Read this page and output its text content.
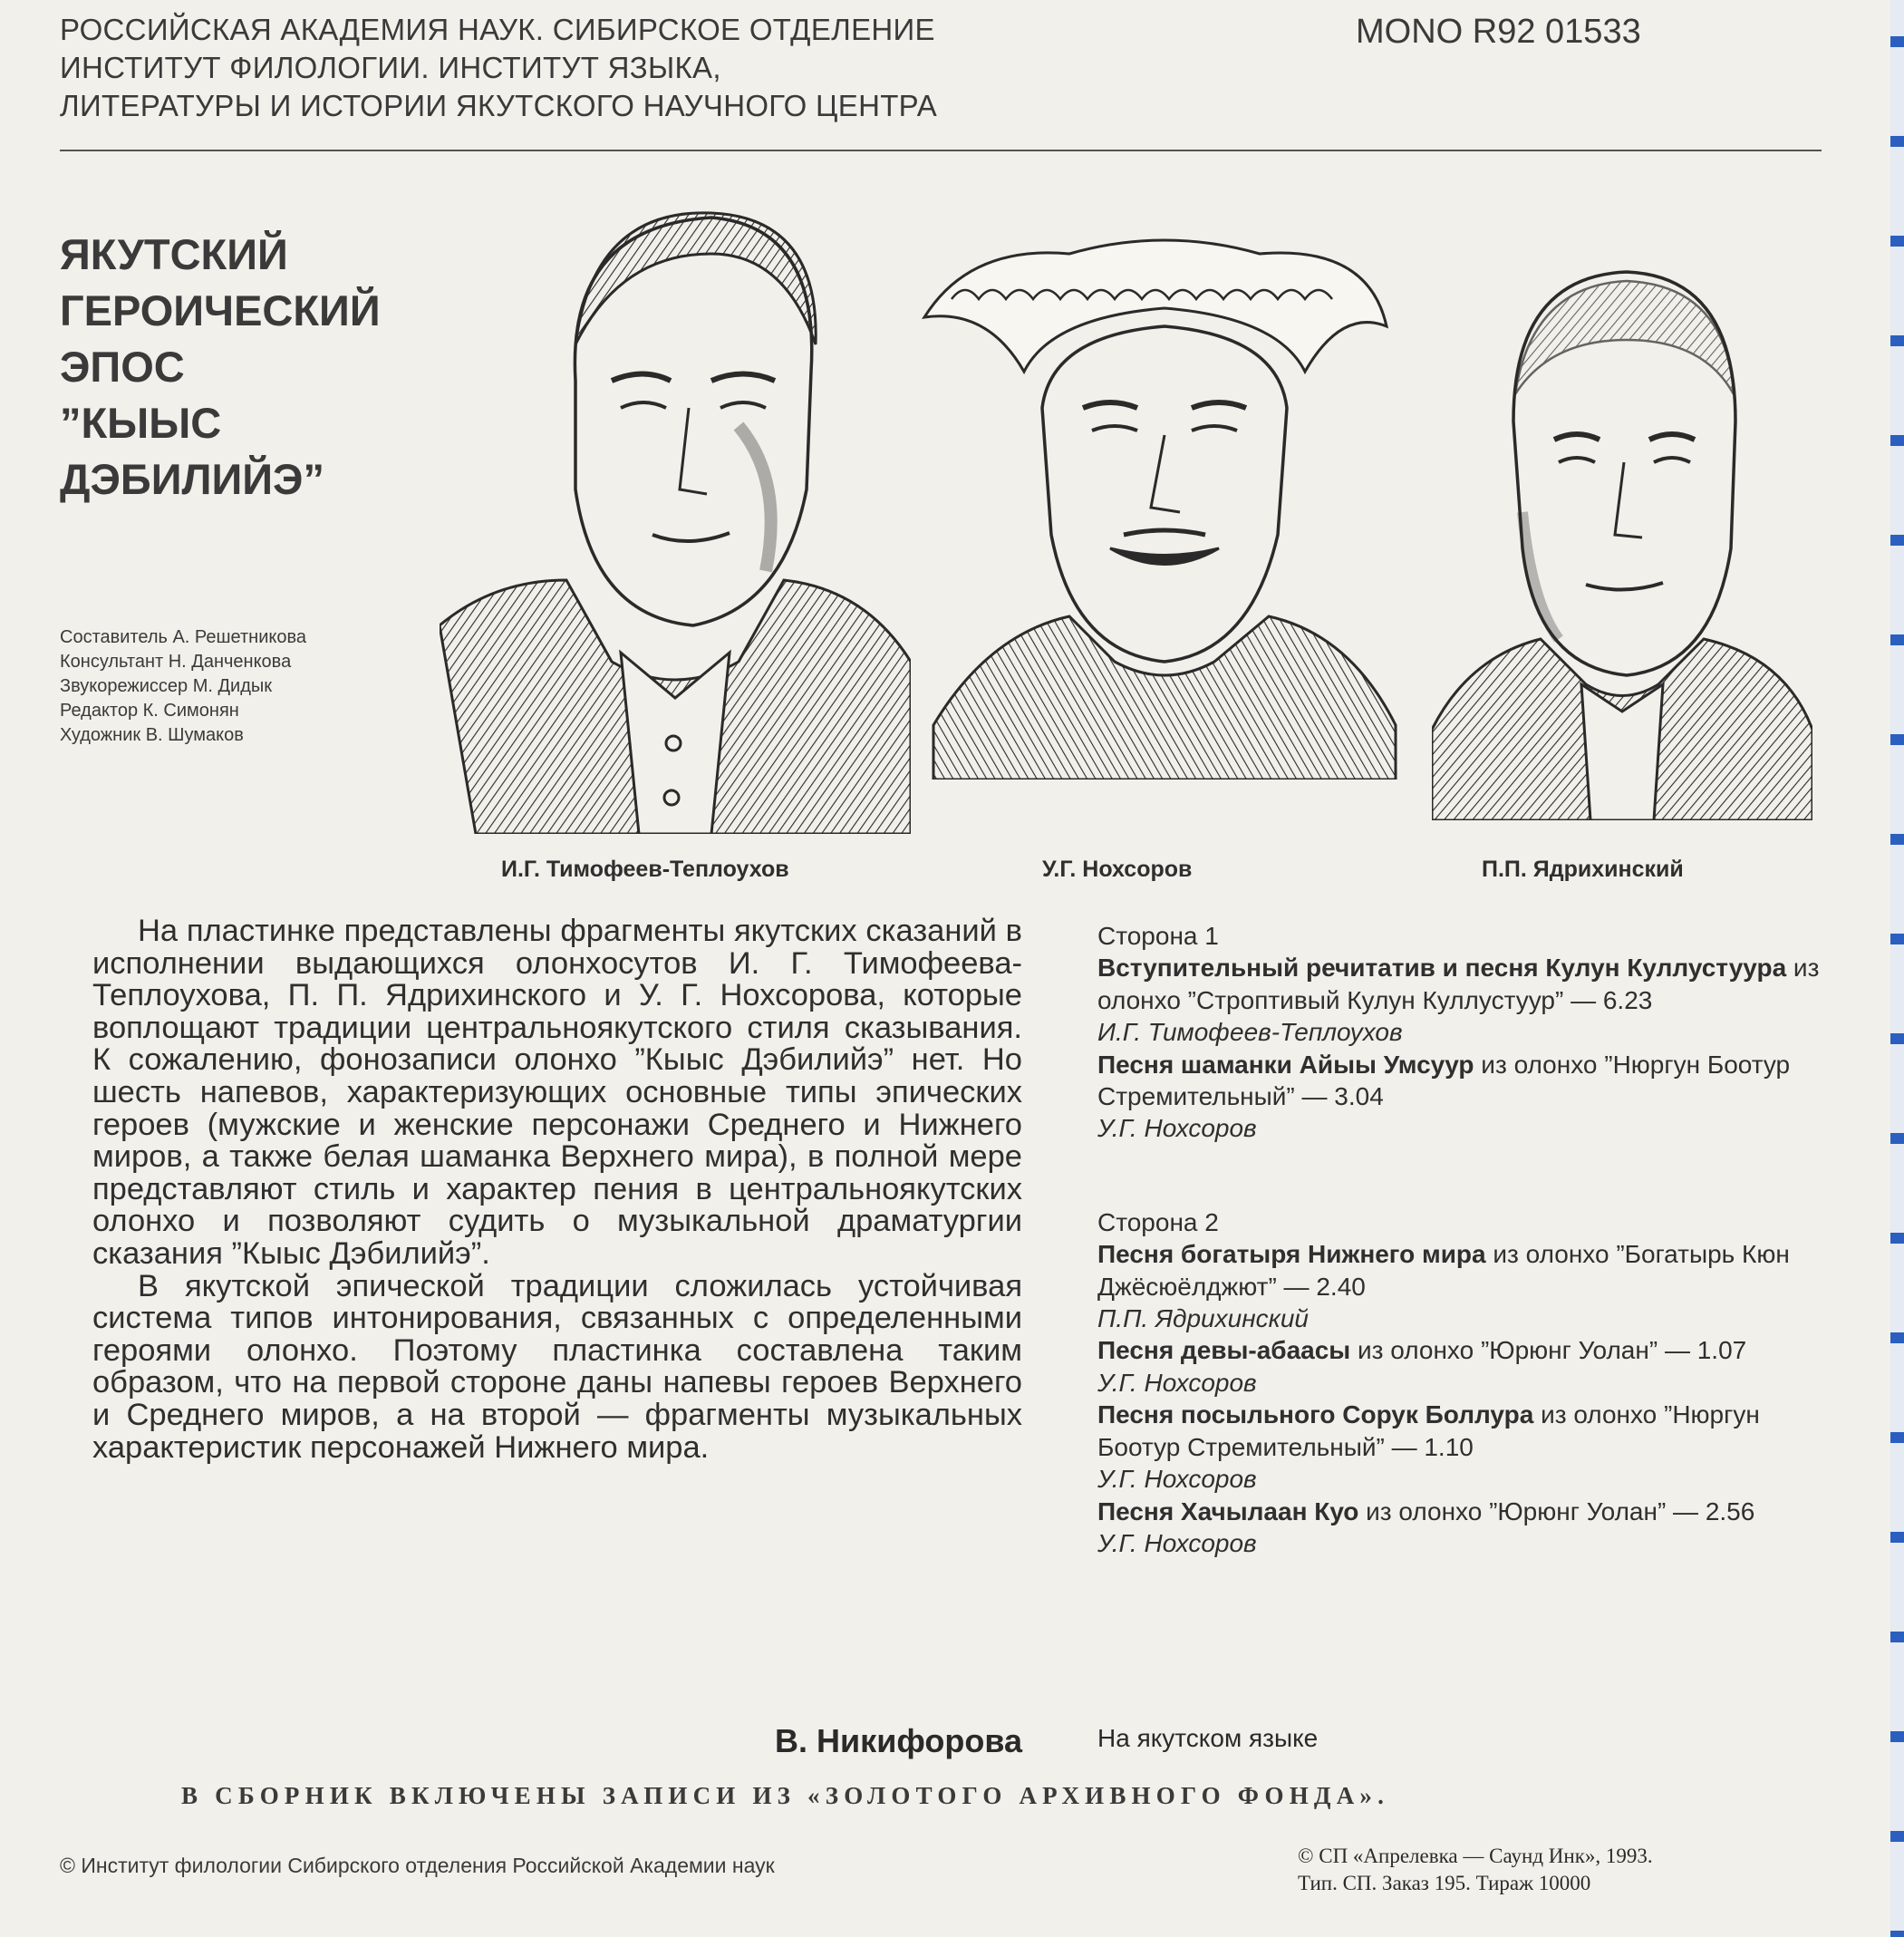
РОССИЙСКАЯ АКАДЕМИЯ НАУК. СИБИРСКОЕ ОТДЕЛЕНИЕ
ИНСТИТУТ ФИЛОЛОГИИ. ИНСТИТУТ ЯЗЫКА,
ЛИТЕРАТУРЫ И ИСТОРИИ ЯКУТСКОГО НАУЧНОГО ЦЕНТРА
MONO R92 01533
ЯКУТСКИЙ
ГЕРОИЧЕСКИЙ
ЭПОС
”КЫЫС
ДЭБИЛИЙЭ”
Составитель А. Решетникова
Консультант Н. Данченкова
Звукорежиссер М. Дидык
Редактор К. Симонян
Художник В. Шумаков
И.Г. Тимофеев-Теплоухов	У.Г. Нохсоров	П.П. Ядрихинский

На пластинке представлены фрагменты якутских сказаний в исполнении выдающихся олонхосутов И. Г. Тимофеева-Теплоухова, П. П. Ядрихинского и У. Г. Нохсорова, которые воплощают традиции центральноякутского стиля сказывания. К сожалению, фонозаписи олонхо ”Кыыс Дэбилийэ” нет. Но шесть напевов, характеризующих основные типы эпических героев (мужские и женские персонажи Среднего и Нижнего миров, а также белая шаманка Верхнего мира), в полной мере представляют стиль и характер пения в центральноякутских олонхо и позволяют судить о музыкальной драматургии сказания ”Кыыс Дэбилийэ”.

В якутской эпической традиции сложилась устойчивая система типов интонирования, связанных с определенными героями олонхо. Поэтому пластинка составлена таким образом, что на первой стороне даны напевы героев Верхнего и Среднего миров, а на второй — фрагменты музыкальных характеристик персонажей Нижнего мира.

В. Никифорова
Сторона 1

Вступительный речитатив и песня Кулун Куллустуура из олонхо ”Строптивый Кулун Куллустуур” — 6.23
И.Г. Тимофеев-Теплоухов

Песня шаманки Айыы Умсуур из олонхо ”Нюргун Боотур Стремительный” — 3.04
У.Г. Нохсоров

Сторона 2

Песня богатыря Нижнего мира из олонхо ”Богатырь Кюн Джёсюёлджют” — 2.40
П.П. Ядрихинский

Песня девы-абаасы из олонхо ”Юрюнг Уолан” — 1.07
У.Г. Нохсоров

Песня посыльного Сорук Боллура из олонхо ”Нюргун Боотур Стремительный” — 1.10
У.Г. Нохсоров

Песня Хачылаан Куо из олонхо ”Юрюнг Уолан” — 2.56
У.Г. Нохсоров

На якутском языке
В СБОРНИК ВКЛЮЧЕНЫ ЗАПИСИ ИЗ «ЗОЛОТОГО АРХИВНОГО ФОНДА».
© Институт филологии Сибирского отделения Российской Академии наук	© СП «Апрелевка — Саунд Инк», 1993.
Тип. СП. Заказ 195. Тираж 10000
